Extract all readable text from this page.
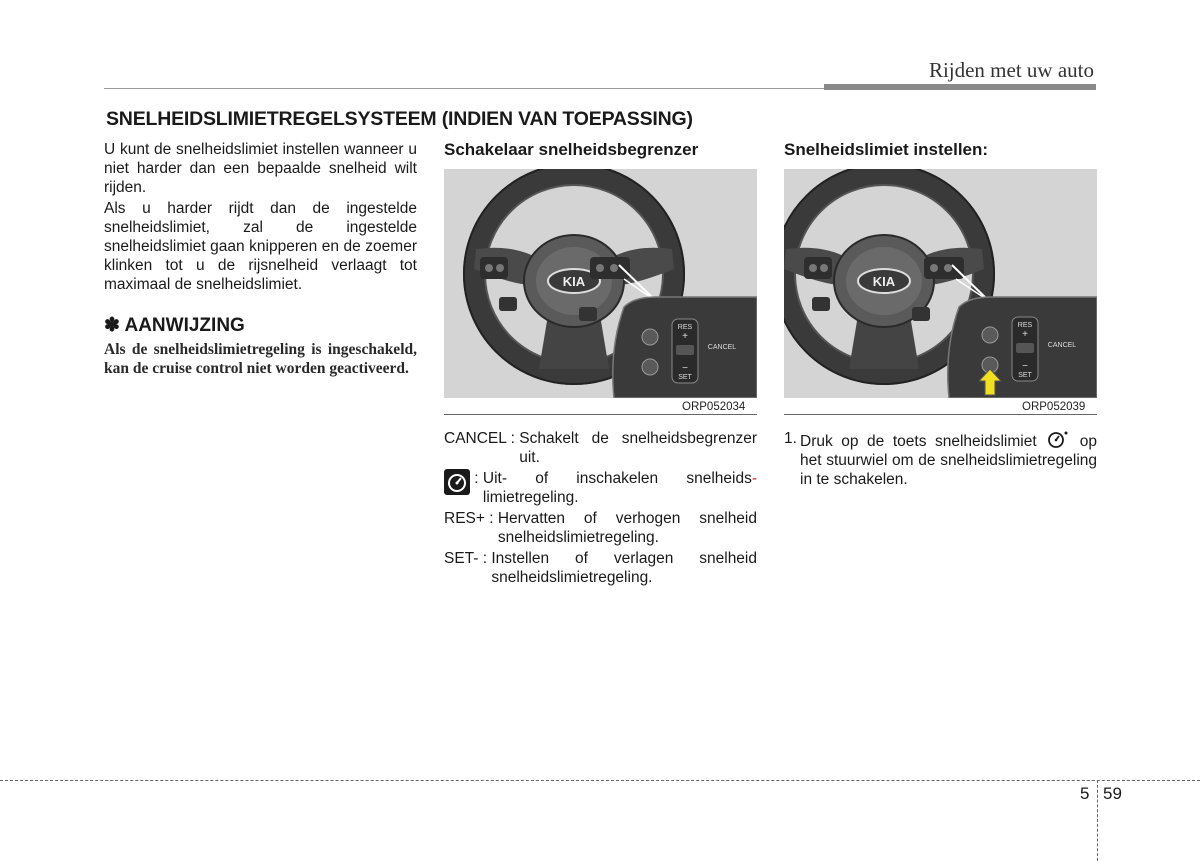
Rijden met uw auto
SNELHEIDSLIMIETREGELSYSTEEM (INDIEN VAN TOEPASSING)
U kunt de snelheidslimiet instellen wanneer u niet harder dan een bepaalde snelheid wilt rijden.
Als u harder rijdt dan de ingestelde snelheidslimiet, zal de ingestelde snelheidslimiet gaan knipperen en de zoemer klinken tot u de rijsnelheid verlaagt tot maximaal de snelheidslimiet.
✽ AANWIJZING
Als de snelheidslimietregeling is ingeschakeld, kan de cruise control niet worden geactiveerd.
Schakelaar snelheidsbegrenzer
KIA
RES
+
−
SET
CANCEL
ORP052034
CANCEL : Schakelt de snelheidsbegrenzer uit.
: Uit- of inschakelen snelheids- limietregeling.
RES+ : Hervatten of verhogen snelheid snelheidslimietregeling.
SET- : Instellen of verlagen snelheid snelheidslimietregeling.
Snelheidslimiet instellen:
KIA
RES
+
−
SET
CANCEL
ORP052039
1. Druk op de toets snelheidslimiet	op het stuurwiel om de snelheidslimietregeling in te schakelen.
5 59
